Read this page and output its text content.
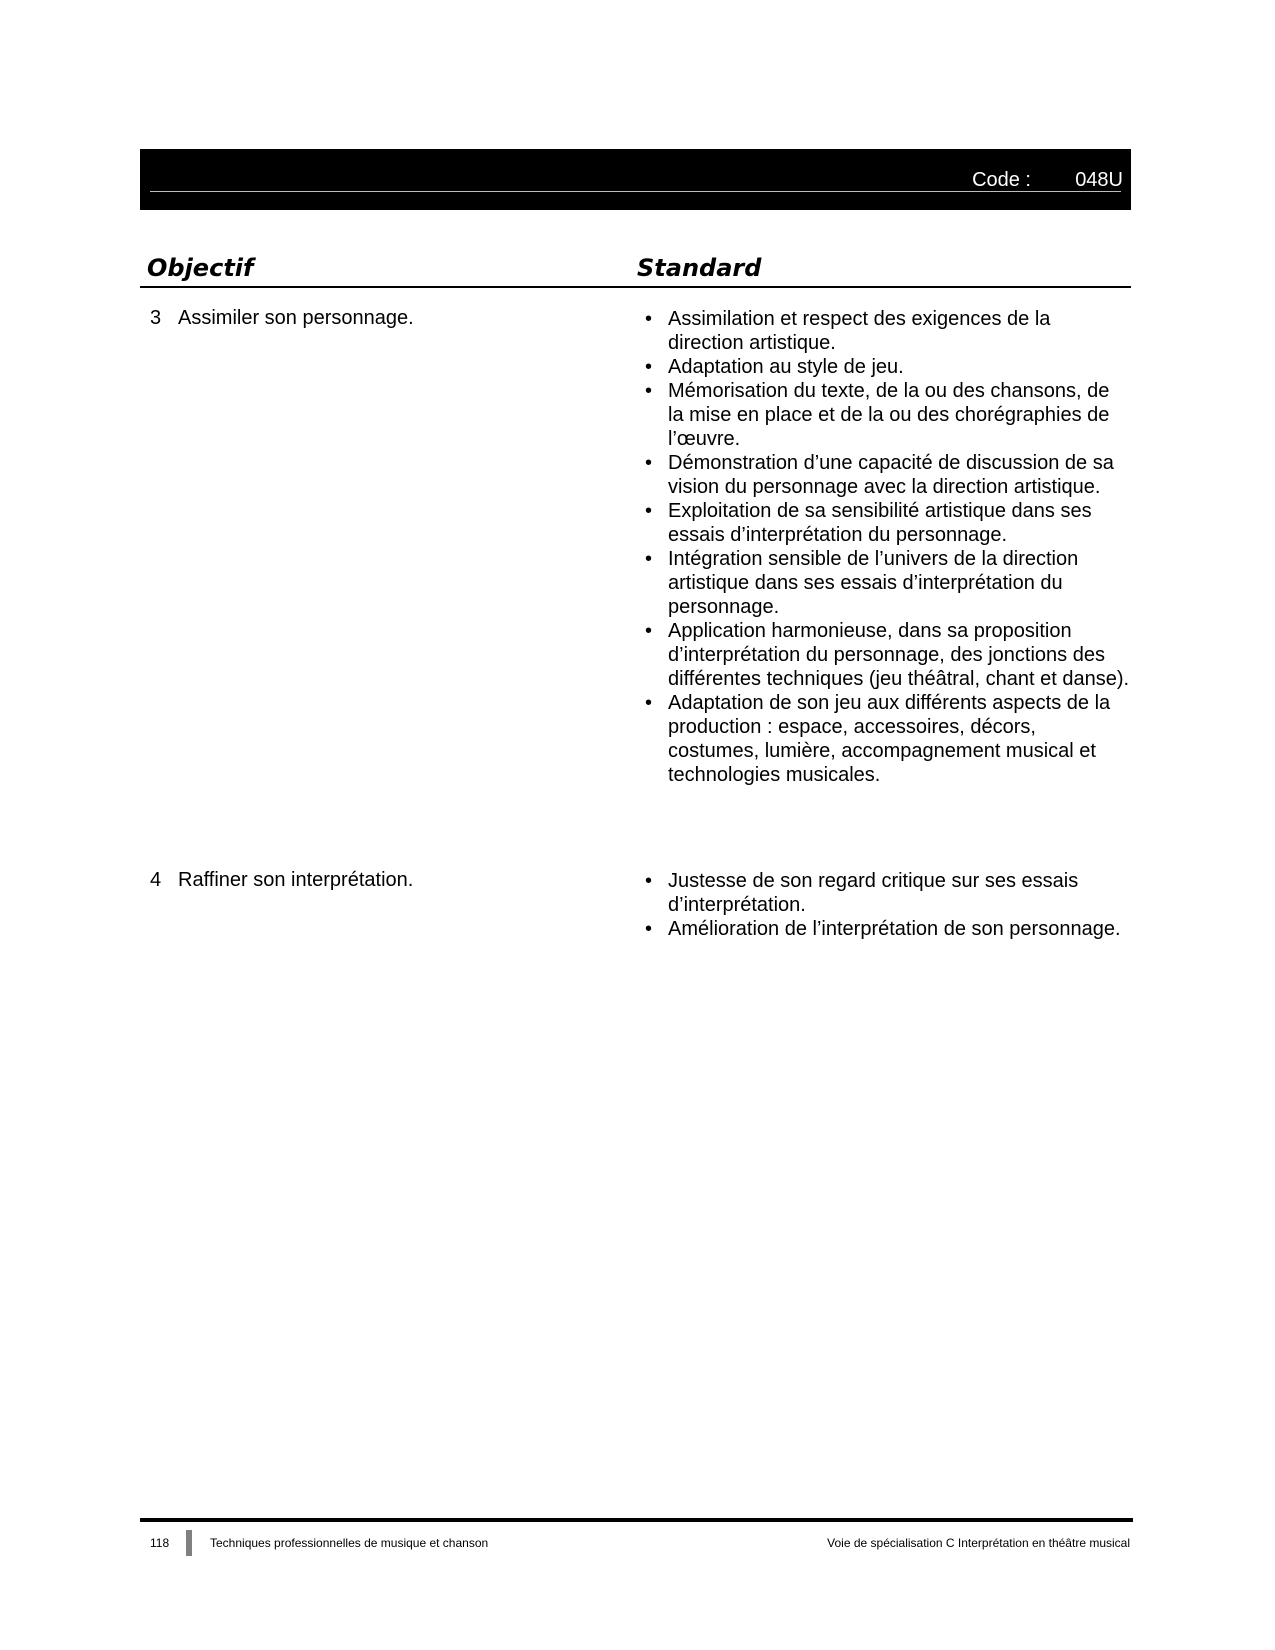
Code : 048U
Objectif	Standard
3 Assimiler son personnage.	• Assimilation et respect des exigences de la direction artistique.
• Adaptation au style de jeu.
• Mémorisation du texte, de la ou des chansons, de la mise en place et de la ou des chorégraphies de l’œuvre.
• Démonstration d’une capacité de discussion de sa vision du personnage avec la direction artistique.
• Exploitation de sa sensibilité artistique dans ses essais d’interprétation du personnage.
• Intégration sensible de l’univers de la direction artistique dans ses essais d’interprétation du personnage.
• Application harmonieuse, dans sa proposition d’interprétation du personnage, des jonctions des différentes techniques (jeu théâtral, chant et danse).
• Adaptation de son jeu aux différents aspects de la production : espace, accessoires, décors, costumes, lumière, accompagnement musical et technologies musicales.
4 Raffiner son interprétation.	• Justesse de son regard critique sur ses essais d’interprétation.
• Amélioration de l’interprétation de son personnage.
118	Techniques professionnelles de musique et chanson	Voie de spécialisation C Interprétation en théâtre musical
